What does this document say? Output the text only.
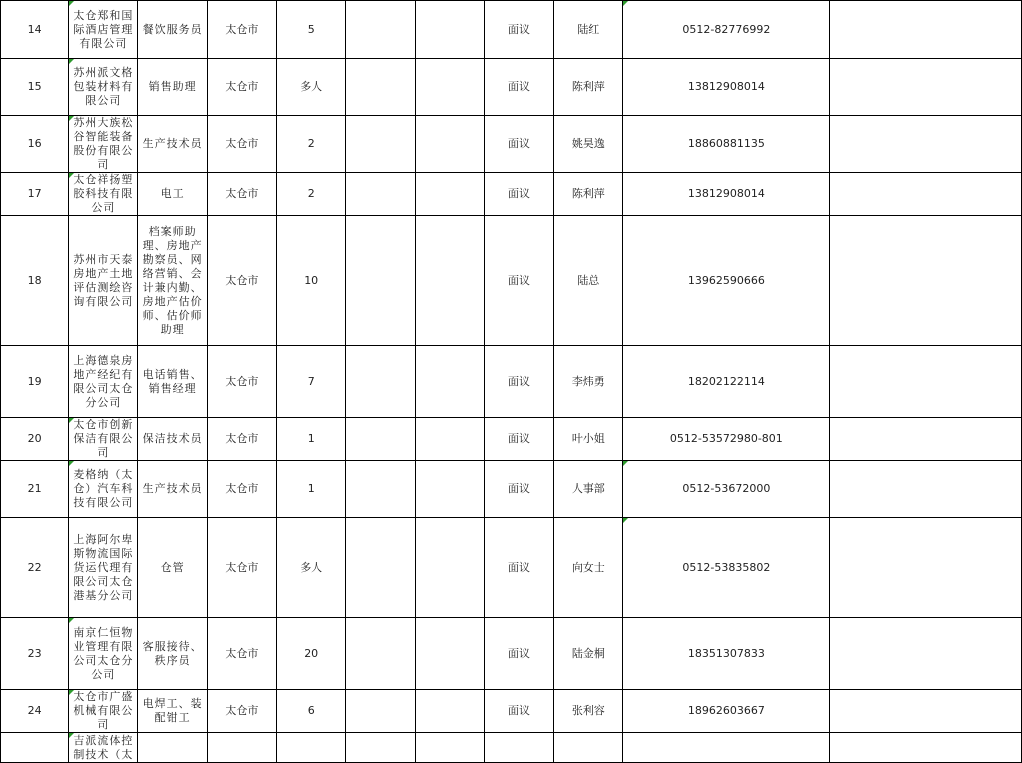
14	太仓郑和国际酒店管理有限公司	餐饮服务员	太仓市	5			面议	陆红	0512-82776992	
15	苏州派文格包装材料有限公司	销售助理	太仓市	多人			面议	陈利萍	13812908014	
16	苏州大族松谷智能装备股份有限公司	生产技术员	太仓市	2			面议	姚昊逸	18860881135	
17	太仓祥扬塑胶科技有限公司	电工	太仓市	2			面议	陈利萍	13812908014	
18	苏州市天泰房地产土地评估测绘咨询有限公司	档案师助理、房地产勘察员、网络营销、会计兼内勤、房地产估价师、估价师助理	太仓市	10			面议	陆总	13962590666	
19	上海德泉房地产经纪有限公司太仓分公司	电话销售、销售经理	太仓市	7			面议	李炜勇	18202122114	
20	太仓市创新保洁有限公司	保洁技术员	太仓市	1			面议	叶小姐	0512-53572980-801	
21	麦格纳（太仓）汽车科技有限公司	生产技术员	太仓市	1			面议	人事部	0512-53672000	
22	上海阿尔卑斯物流国际货运代理有限公司太仓港基分公司	仓管	太仓市	多人			面议	向女士	0512-53835802	
23	南京仁恒物业管理有限公司太仓分公司	客服接待、秩序员	太仓市	20			面议	陆金桐	18351307833	
24	太仓市广盛机械有限公司	电焊工、装配钳工	太仓市	6			面议	张利容	18962603667	

	吉派流体控制技术（太									
